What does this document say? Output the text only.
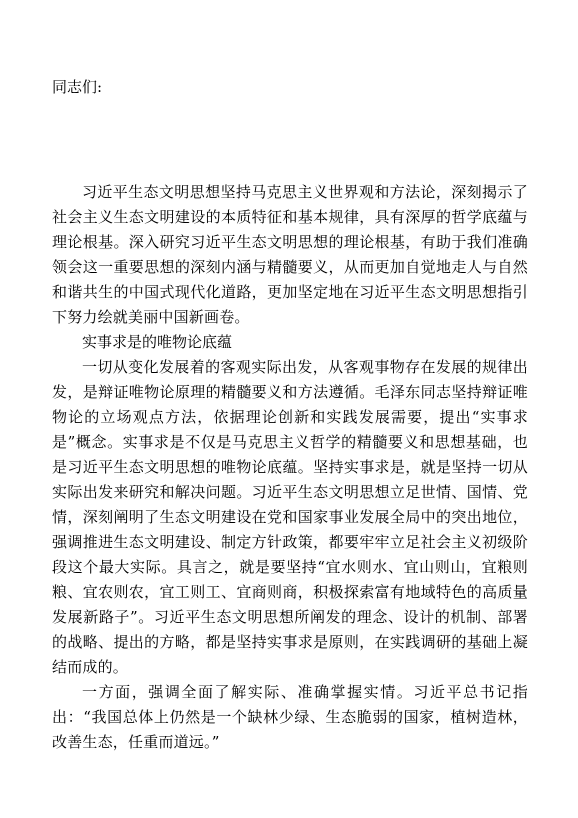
同志们:

习近平生态文明思想坚持马克思主义世界观和方法论，深刻揭示了社会主义生态文明建设的本质特征和基本规律，具有深厚的哲学底蕴与理论根基。深入研究习近平生态文明思想的理论根基，有助于我们准确领会这一重要思想的深刻内涵与精髓要义，从而更加自觉地走人与自然和谐共生的中国式现代化道路，更加坚定地在习近平生态文明思想指引下努力绘就美丽中国新画卷。

实事求是的唯物论底蕴

一切从变化发展着的客观实际出发，从客观事物存在发展的规律出发，是辩证唯物论原理的精髓要义和方法遵循。毛泽东同志坚持辩证唯物论的立场观点方法，依据理论创新和实践发展需要，提出“实事求是”概念。实事求是不仅是马克思主义哲学的精髓要义和思想基础，也是习近平生态文明思想的唯物论底蕴。坚持实事求是，就是坚持一切从实际出发来研究和解决问题。习近平生态文明思想立足世情、国情、党情，深刻阐明了生态文明建设在党和国家事业发展全局中的突出地位，强调推进生态文明建设、制定方针政策，都要牢牢立足社会主义初级阶段这个最大实际。具言之，就是要坚持“宜水则水、宜山则山，宜粮则粮、宜农则农，宜工则工、宜商则商，积极探索富有地域特色的高质量发展新路子”。习近平生态文明思想所阐发的理念、设计的机制、部署的战略、提出的方略，都是坚持实事求是原则，在实践调研的基础上凝结而成的。

一方面，强调全面了解实际、准确掌握实情。习近平总书记指出：“我国总体上仍然是一个缺林少绿、生态脆弱的国家，植树造林，改善生态，任重而道远。”
